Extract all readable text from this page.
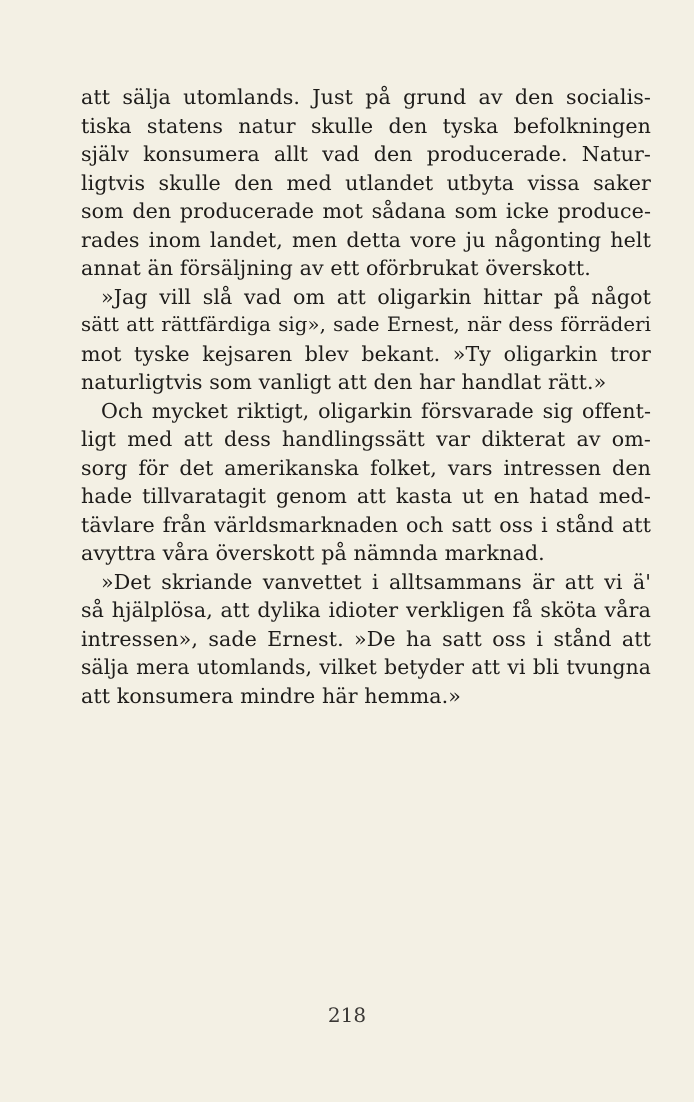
att sälja utomlands. Just på grund av den socialis-
tiska statens natur skulle den tyska befolkningen
själv konsumera allt vad den producerade. Natur-
ligtvis skulle den med utlandet utbyta vissa saker
som den producerade mot sådana som icke produce-
rades inom landet, men detta vore ju någonting helt
annat än försäljning av ett oförbrukat överskott.
»Jag vill slå vad om att oligarkin hittar på något
sätt att rättfärdiga sig», sade Ernest, när dess förräderi
mot tyske kejsaren blev bekant. »Ty oligarkin tror
naturligtvis som vanligt att den har handlat rätt.»
Och mycket riktigt, oligarkin försvarade sig offent-
ligt med att dess handlingssätt var dikterat av om-
sorg för det amerikanska folket, vars intressen den
hade tillvaratagit genom att kasta ut en hatad med-
tävlare från världsmarknaden och satt oss i stånd att
avyttra våra överskott på nämnda marknad.
»Det skriande vanvettet i alltsammans är att vi ä'
så hjälplösa, att dylika idioter verkligen få sköta våra
intressen», sade Ernest. »De ha satt oss i stånd att
sälja mera utomlands, vilket betyder att vi bli tvungna
att konsumera mindre här hemma.»
218
